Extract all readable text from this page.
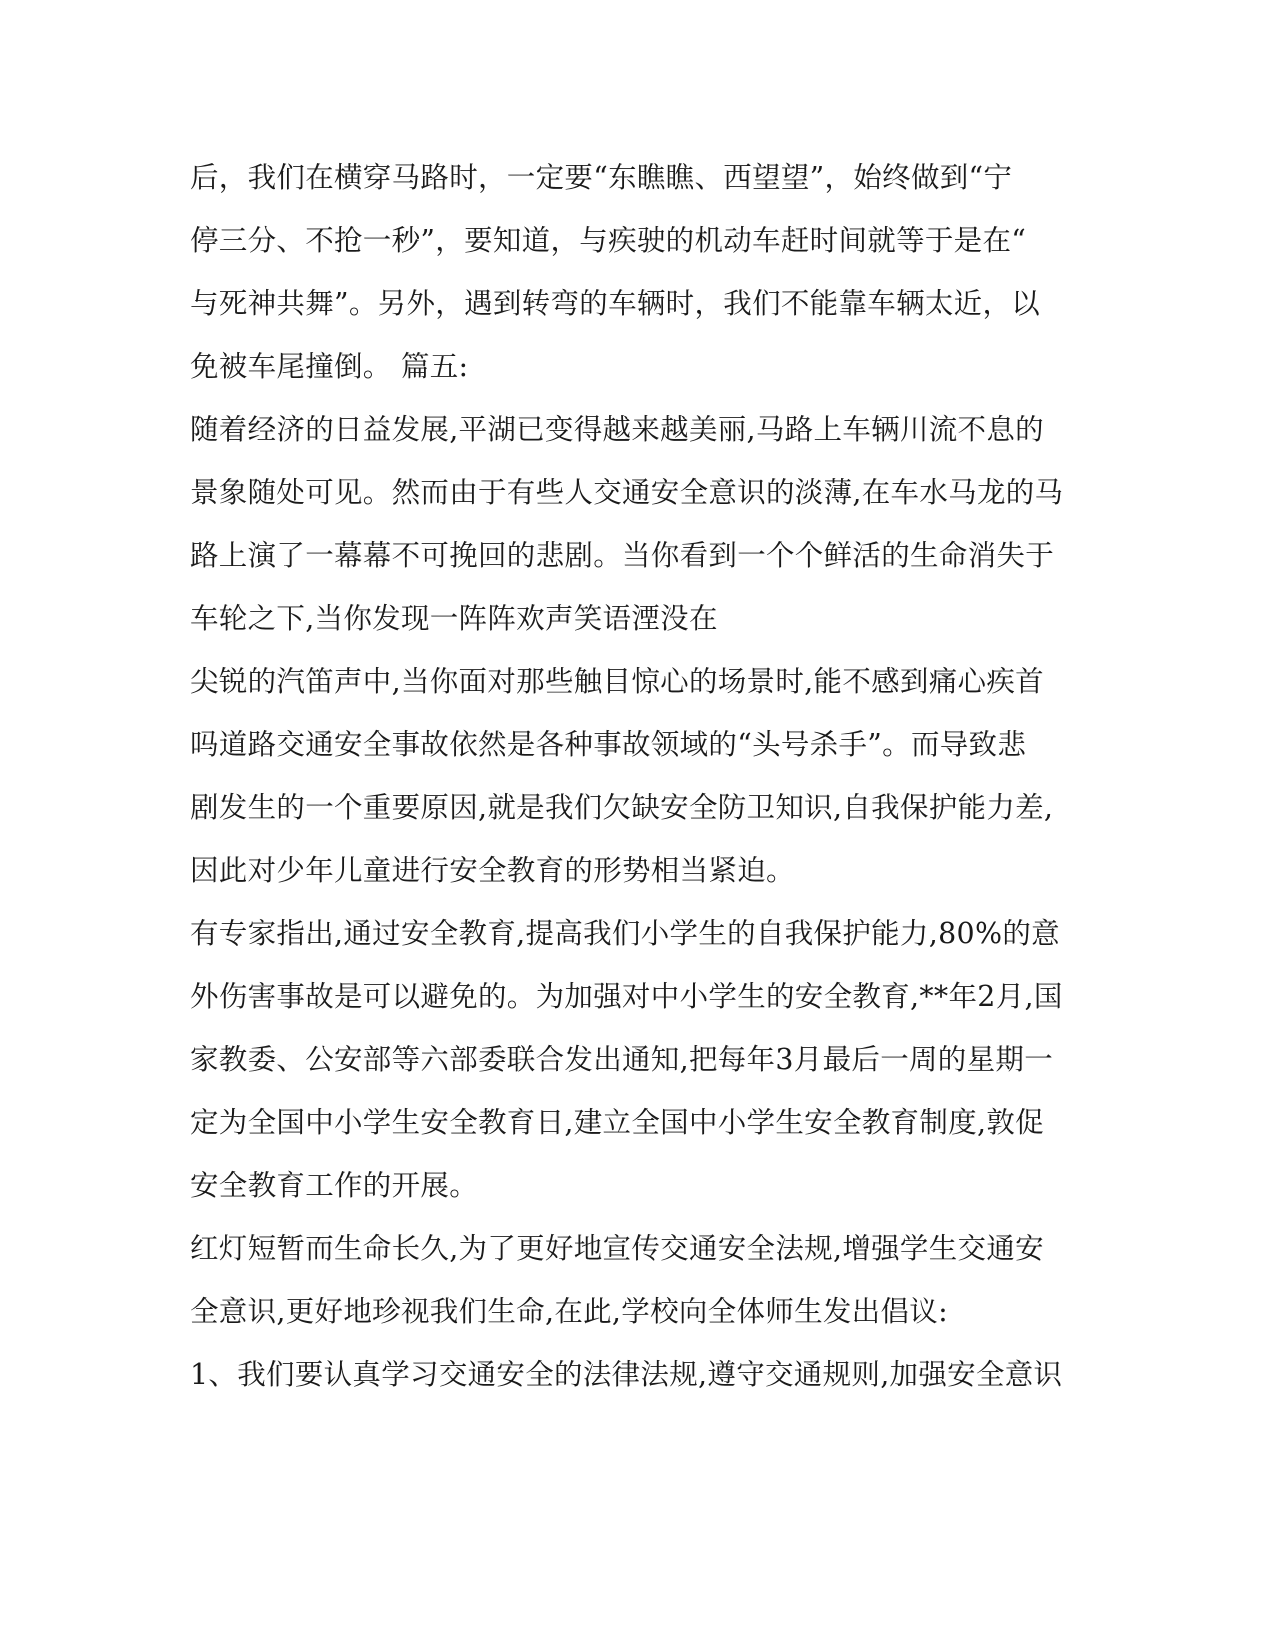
后，我们在横穿马路时，一定要“东瞧瞧、西望望”，始终做到“宁
停三分、不抢一秒”，要知道，与疾驶的机动车赶时间就等于是在“
与死神共舞”。另外，遇到转弯的车辆时，我们不能靠车辆太近，以
免被车尾撞倒。 篇五:
随着经济的日益发展,平湖已变得越来越美丽,马路上车辆川流不息的
景象随处可见。然而由于有些人交通安全意识的淡薄,在车水马龙的马
路上演了一幕幕不可挽回的悲剧。当你看到一个个鲜活的生命消失于
车轮之下,当你发现一阵阵欢声笑语湮没在
尖锐的汽笛声中,当你面对那些触目惊心的场景时,能不感到痛心疾首
吗道路交通安全事故依然是各种事故领域的“头号杀手”。而导致悲
剧发生的一个重要原因,就是我们欠缺安全防卫知识,自我保护能力差,
因此对少年儿童进行安全教育的形势相当紧迫。
有专家指出,通过安全教育,提高我们小学生的自我保护能力,80%的意
外伤害事故是可以避免的。为加强对中小学生的安全教育,**年2月,国
家教委、公安部等六部委联合发出通知,把每年3月最后一周的星期一
定为全国中小学生安全教育日,建立全国中小学生安全教育制度,敦促
安全教育工作的开展。
红灯短暂而生命长久,为了更好地宣传交通安全法规,增强学生交通安
全意识,更好地珍视我们生命,在此,学校向全体师生发出倡议:
1、我们要认真学习交通安全的法律法规,遵守交通规则,加强安全意识
